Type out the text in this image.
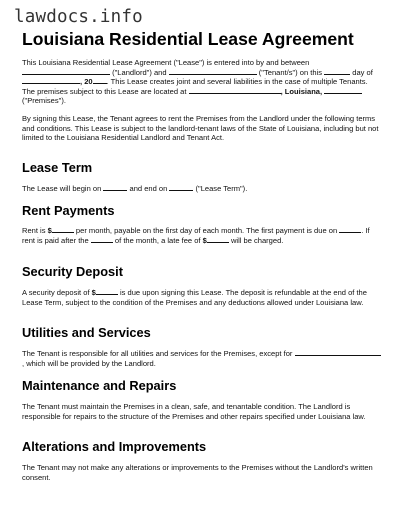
lawdocs.info
Louisiana Residential Lease Agreement

This Louisiana Residential Lease Agreement ("Lease") is entered into by and between  ("Landlord") and	("Tenant/s") on this	day of , 20 . This Lease creates joint and several liabilities in the case of multiple Tenants. The premises subject to this Lease are located at	, Louisiana,  ("Premises").

By signing this Lease, the Tenant agrees to rent the Premises from the Landlord under the following terms and conditions. This Lease is subject to the landlord-tenant laws of the State of Louisiana, including but not limited to the Louisiana Residential Landlord and Tenant Act.

Lease Term

The Lease will begin on	and end on	("Lease Term").

Rent Payments

Rent is $	per month, payable on the first day of each month. The first payment is due on	. If rent is paid after the	of the month, a late fee of $	will be charged.

Security Deposit

A security deposit of $	is due upon signing this Lease. The deposit is refundable at the end of the Lease Term, subject to the condition of the Premises and any deductions allowed under Louisiana law.

Utilities and Services

The Tenant is responsible for all utilities and services for the Premises, except for , which will be provided by the Landlord.

Maintenance and Repairs

The Tenant must maintain the Premises in a clean, safe, and tenantable condition. The Landlord is responsible for repairs to the structure of the Premises and other repairs specified under Louisiana law.

Alterations and Improvements

The Tenant may not make any alterations or improvements to the Premises without the Landlord's written consent.
